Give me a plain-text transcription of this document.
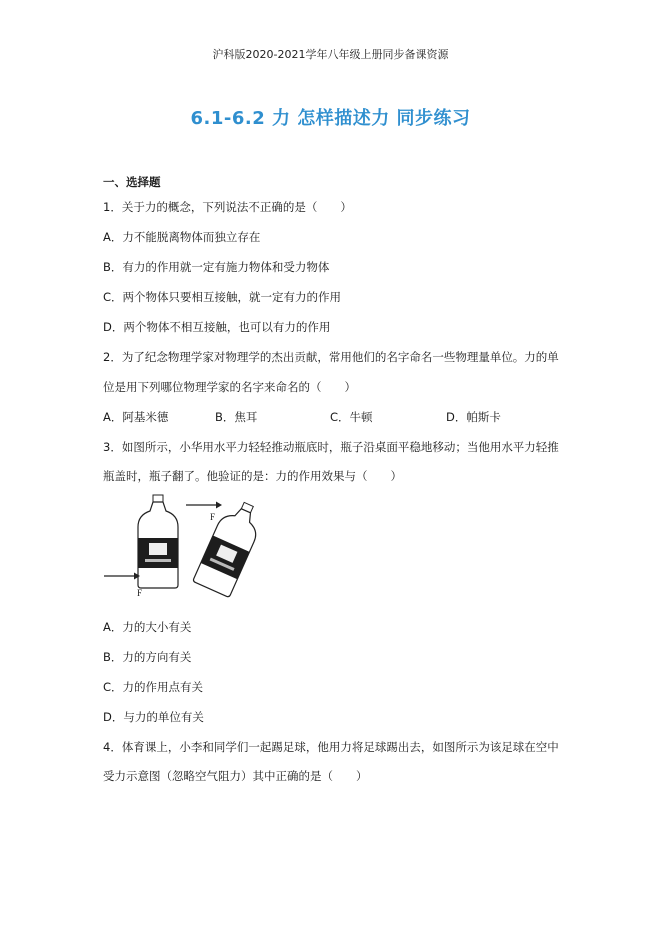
沪科版2020-2021学年八年级上册同步备课资源
6.1-6.2 力 怎样描述力 同步练习
一、选择题
1．关于力的概念，下列说法不正确的是（　　）
A．力不能脱离物体而独立存在
B．有力的作用就一定有施力物体和受力物体
C．两个物体只要相互接触，就一定有力的作用
D．两个物体不相互接触，也可以有力的作用
2．为了纪念物理学家对物理学的杰出贡献，常用他们的名字命名一些物理量单位。力的单
位是用下列哪位物理学家的名字来命名的（　　）
A．阿基米德	B．焦耳	C．牛顿	D．帕斯卡
3．如图所示，小华用水平力轻轻推动瓶底时，瓶子沿桌面平稳地移动；当他用水平力轻推
瓶盖时，瓶子翻了。他验证的是：力的作用效果与（　　）
F
F
A．力的大小有关
B．力的方向有关
C．力的作用点有关
D．与力的单位有关
4．体育课上，小李和同学们一起踢足球，他用力将足球踢出去，如图所示为该足球在空中
受力示意图（忽略空气阻力）其中正确的是（　　）
